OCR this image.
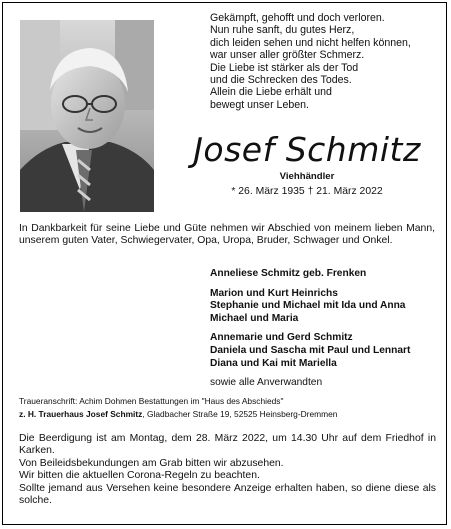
Gekämpft, gehofft und doch verloren.
Nun ruhe sanft, du gutes Herz,
dich leiden sehen und nicht helfen können,
war unser aller größter Schmerz.
Die Liebe ist stärker als der Tod
und die Schrecken des Todes.
Allein die Liebe erhält und
bewegt unser Leben.
Josef Schmitz
Viehhändler
* 26. März 1935 † 21. März 2022
In Dankbarkeit für seine Liebe und Güte nehmen wir Abschied von meinem lieben Mann, unserem guten Vater, Schwiegervater, Opa, Uropa, Bruder, Schwager und Onkel.
Anneliese Schmitz geb. Frenken
Marion und Kurt Heinrichs
Stephanie und Michael mit Ida und Anna
Michael und Maria
Annemarie und Gerd Schmitz
Daniela und Sascha mit Paul und Lennart
Diana und Kai mit Mariella
sowie alle Anverwandten
Traueranschrift: Achim Dohmen Bestattungen im "Haus des Abschieds"
z. H. Trauerhaus Josef Schmitz, Gladbacher Straße 19, 52525 Heinsberg-Dremmen

Die Beerdigung ist am Montag, dem 28. März 2022, um 14.30 Uhr auf dem Friedhof in Karken.

Von Beileidsbekundungen am Grab bitten wir abzusehen.

Wir bitten die aktuellen Corona-Regeln zu beachten.

Sollte jemand aus Versehen keine besondere Anzeige erhalten haben, so diene diese als solche.
